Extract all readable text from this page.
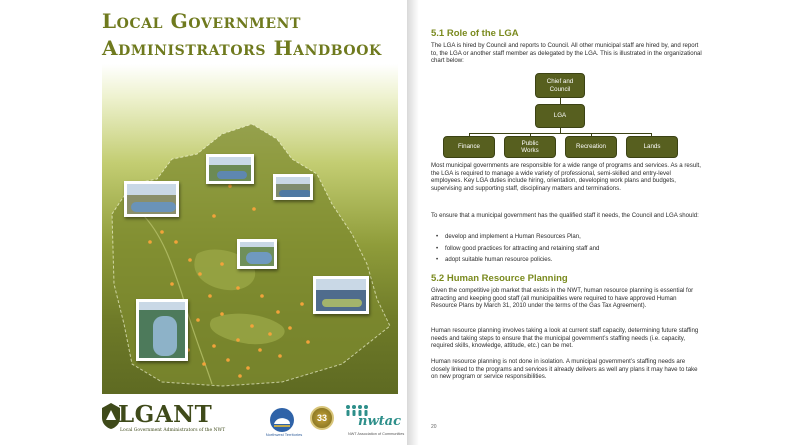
Local Government
Administrators Handbook
LGANT
Local Government Administrators of the NWT
Northwest Territories
33	nwtac
NWT Association of Communities
5.1 Role of the LGA
The LGA is hired by Council and reports to Council. All other municipal staff are hired by, and report to, the LGA or another staff member as delegated by the LGA. This is illustrated in the organizational chart below:
Chief and Council
LGA
Finance
Public Works
Recreation	Lands
Most municipal governments are responsible for a wide range of programs and services. As a result, the LGA is required to manage a wide variety of professional, semi-skilled and entry-level employees. Key LGA duties include hiring, orientation, developing work plans and budgets, supervising and supporting staff, disciplinary matters and terminations.
To ensure that a municipal government has the qualified staff it needs, the Council and LGA should:
• develop and implement a Human Resources Plan,
• follow good practices for attracting and retaining staff and
• adopt suitable human resource policies.
5.2 Human Resource Planning
Given the competitive job market that exists in the NWT, human resource planning is essential for attracting and keeping good staff (all municipalities were required to have approved Human Resource Plans by March 31, 2010 under the terms of the Gas Tax Agreement).
Human resource planning involves taking a look at current staff capacity, determining future staffing needs and taking steps to ensure that the municipal government’s staffing needs (i.e. capacity, required skills, knowledge, attitude, etc.) can be met.
Human resource planning is not done in isolation. A municipal government’s staffing needs are closely linked to the programs and services it already delivers as well any plans it may have to take on new program or service responsibilities.
20
